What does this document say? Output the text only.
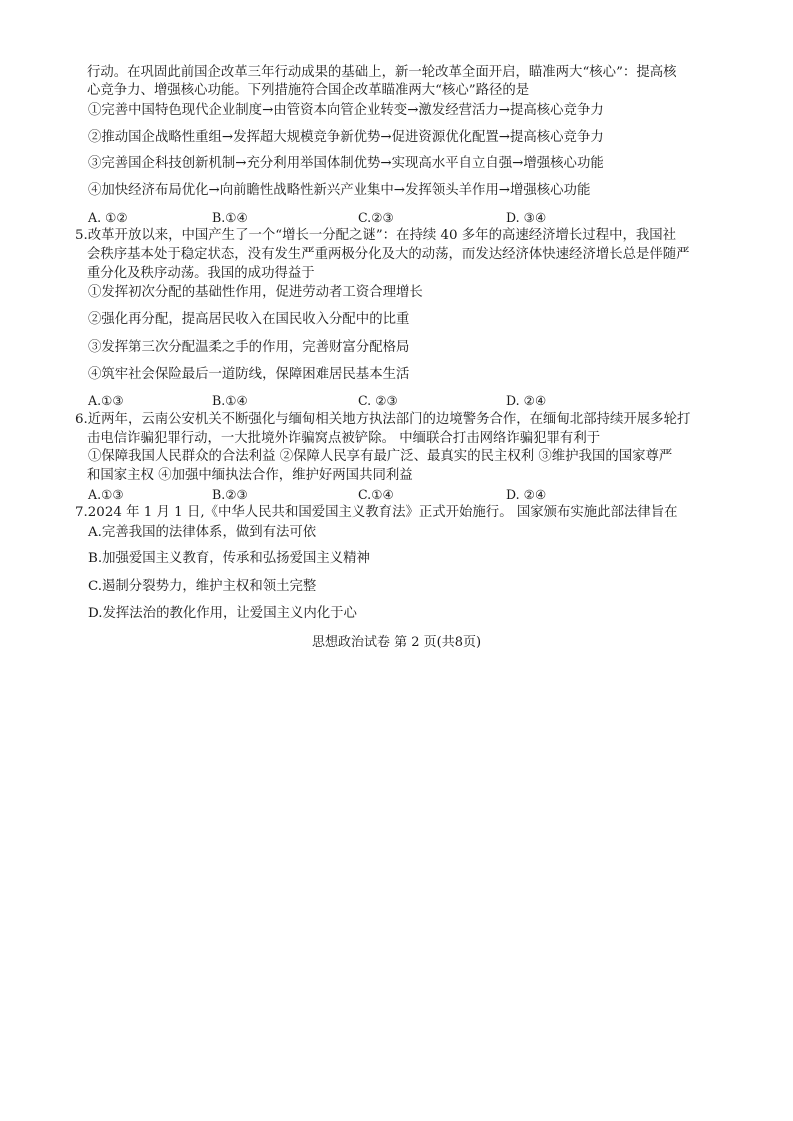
行动。在巩固此前国企改革三年行动成果的基础上，新一轮改革全面开启，瞄准两大“核心”：提高核
心竞争力、增强核心功能。下列措施符合国企改革瞄准两大“核心”路径的是
①完善中国特色现代企业制度→由管资本向管企业转变→激发经营活力→提高核心竞争力
②推动国企战略性重组→发挥超大规模竞争新优势→促进资源优化配置→提高核心竞争力
③完善国企科技创新机制→充分利用举国体制优势→实现高水平自立自强→增强核心功能
④加快经济布局优化→向前瞻性战略性新兴产业集中→发挥领头羊作用→增强核心功能
A. ①②	B.①④	C.②③	D. ③④
5.改革开放以来，中国产生了一个“增长一分配之谜”：在持续 40 多年的高速经济增长过程中，我国社
会秩序基本处于稳定状态，没有发生严重两极分化及大的动荡，而发达经济体快速经济增长总是伴随严
重分化及秩序动荡。我国的成功得益于
①发挥初次分配的基础性作用，促进劳动者工资合理增长
②强化再分配，提高居民收入在国民收入分配中的比重
③发挥第三次分配温柔之手的作用，完善财富分配格局
④筑牢社会保险最后一道防线，保障困难居民基本生活
A.①③	B.①④	C. ②③	D. ②④
6.近两年，云南公安机关不断强化与缅甸相关地方执法部门的边境警务合作，在缅甸北部持续开展多轮打
击电信诈骗犯罪行动，一大批境外诈骗窝点被铲除。 中缅联合打击网络诈骗犯罪有利于
①保障我国人民群众的合法利益 ②保障人民享有最广泛、最真实的民主权利 ③维护我国的国家尊严
和国家主权 ④加强中缅执法合作，维护好两国共同利益
A.①③	B.②③	C.①④	D. ②④
7.2024 年 1 月 1 日,《中华人民共和国爱国主义教育法》正式开始施行。 国家颁布实施此部法律旨在
A.完善我国的法律体系，做到有法可依
B.加强爱国主义教育，传承和弘扬爱国主义精神
C.遏制分裂势力，维护主权和领土完整
D.发挥法治的教化作用，让爱国主义内化于心
思想政治试卷 第 2 页(共8页)
